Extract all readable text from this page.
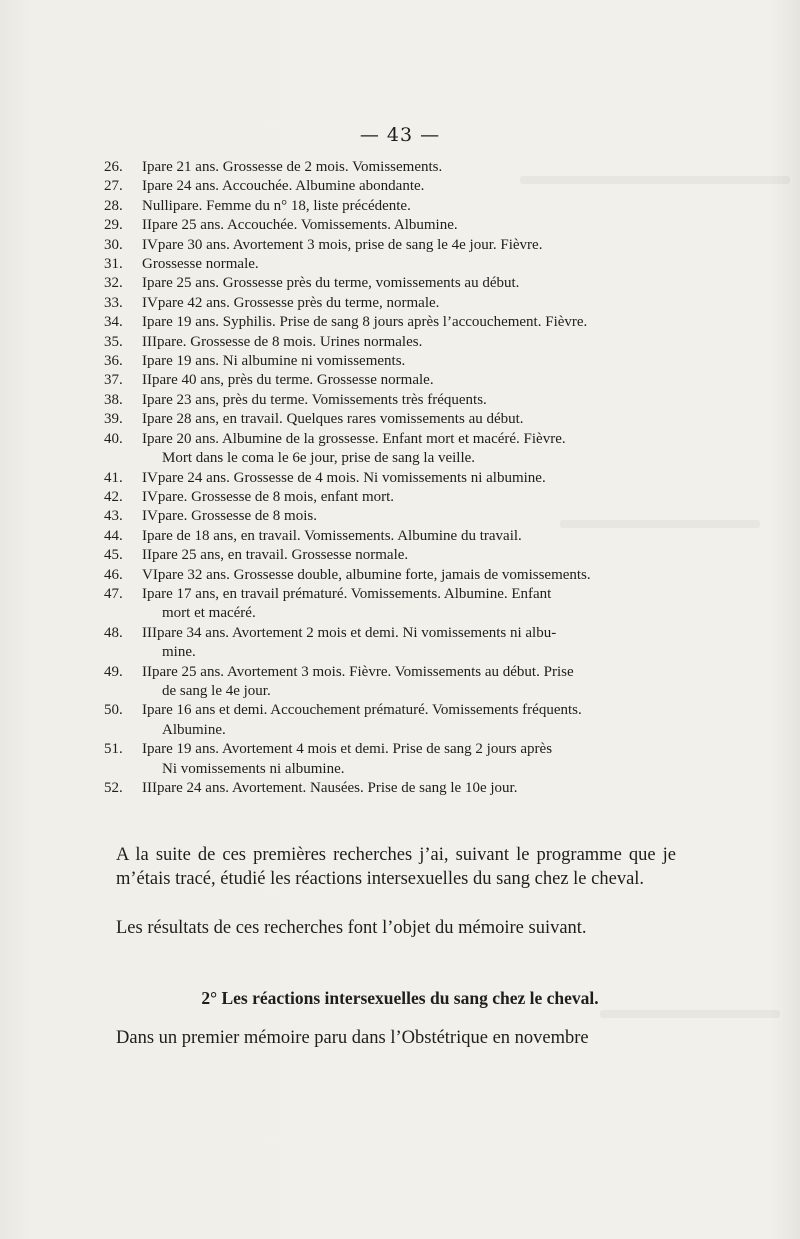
— 43 —
26.	Ipare 21 ans. Grossesse de 2 mois. Vomissements.
27.	Ipare 24 ans. Accouchée. Albumine abondante.
28.	Nullipare. Femme du n° 18, liste précédente.
29.	IIpare 25 ans. Accouchée. Vomissements. Albumine.
30.	IVpare 30 ans. Avortement 3 mois, prise de sang le 4e jour. Fièvre.
31.	Grossesse normale.
32.	Ipare 25 ans. Grossesse près du terme, vomissements au début.
33.	IVpare 42 ans. Grossesse près du terme, normale.
34.	Ipare 19 ans. Syphilis. Prise de sang 8 jours après l’accouchement. Fièvre.
35.	IIIpare. Grossesse de 8 mois. Urines normales.
36.	Ipare 19 ans. Ni albumine ni vomissements.
37.	IIpare 40 ans, près du terme. Grossesse normale.
38.	Ipare 23 ans, près du terme. Vomissements très fréquents.
39.	Ipare 28 ans, en travail. Quelques rares vomissements au début.
40.	Ipare 20 ans. Albumine de la grossesse. Enfant mort et macéré. Fièvre.
Mort dans le coma le 6e jour, prise de sang la veille.
41.	IVpare 24 ans. Grossesse de 4 mois. Ni vomissements ni albumine.
42.	IVpare. Grossesse de 8 mois, enfant mort.
43.	IVpare. Grossesse de 8 mois.
44.	Ipare de 18 ans, en travail. Vomissements. Albumine du travail.
45.	IIpare 25 ans, en travail. Grossesse normale.
46.	VIpare 32 ans. Grossesse double, albumine forte, jamais de vomissements.
47.	Ipare 17 ans, en travail prématuré. Vomissements. Albumine. Enfant
mort et macéré.
48.	IIIpare 34 ans. Avortement 2 mois et demi. Ni vomissements ni albu-
mine.
49.	IIpare 25 ans. Avortement 3 mois. Fièvre. Vomissements au début. Prise
de sang le 4e jour.
50.	Ipare 16 ans et demi. Accouchement prématuré. Vomissements fréquents.
Albumine.
51.	Ipare 19 ans. Avortement 4 mois et demi. Prise de sang 2 jours après
Ni vomissements ni albumine.
52.	IIIpare 24 ans. Avortement. Nausées. Prise de sang le 10e jour.

A la suite de ces premières recherches j’ai, suivant le programme que je m’étais tracé, étudié les réactions intersexuelles du sang chez le cheval.

Les résultats de ces recherches font l’objet du mémoire suivant.

2° Les réactions intersexuelles du sang chez le cheval.

Dans un premier mémoire paru dans l’Obstétrique en novembre
